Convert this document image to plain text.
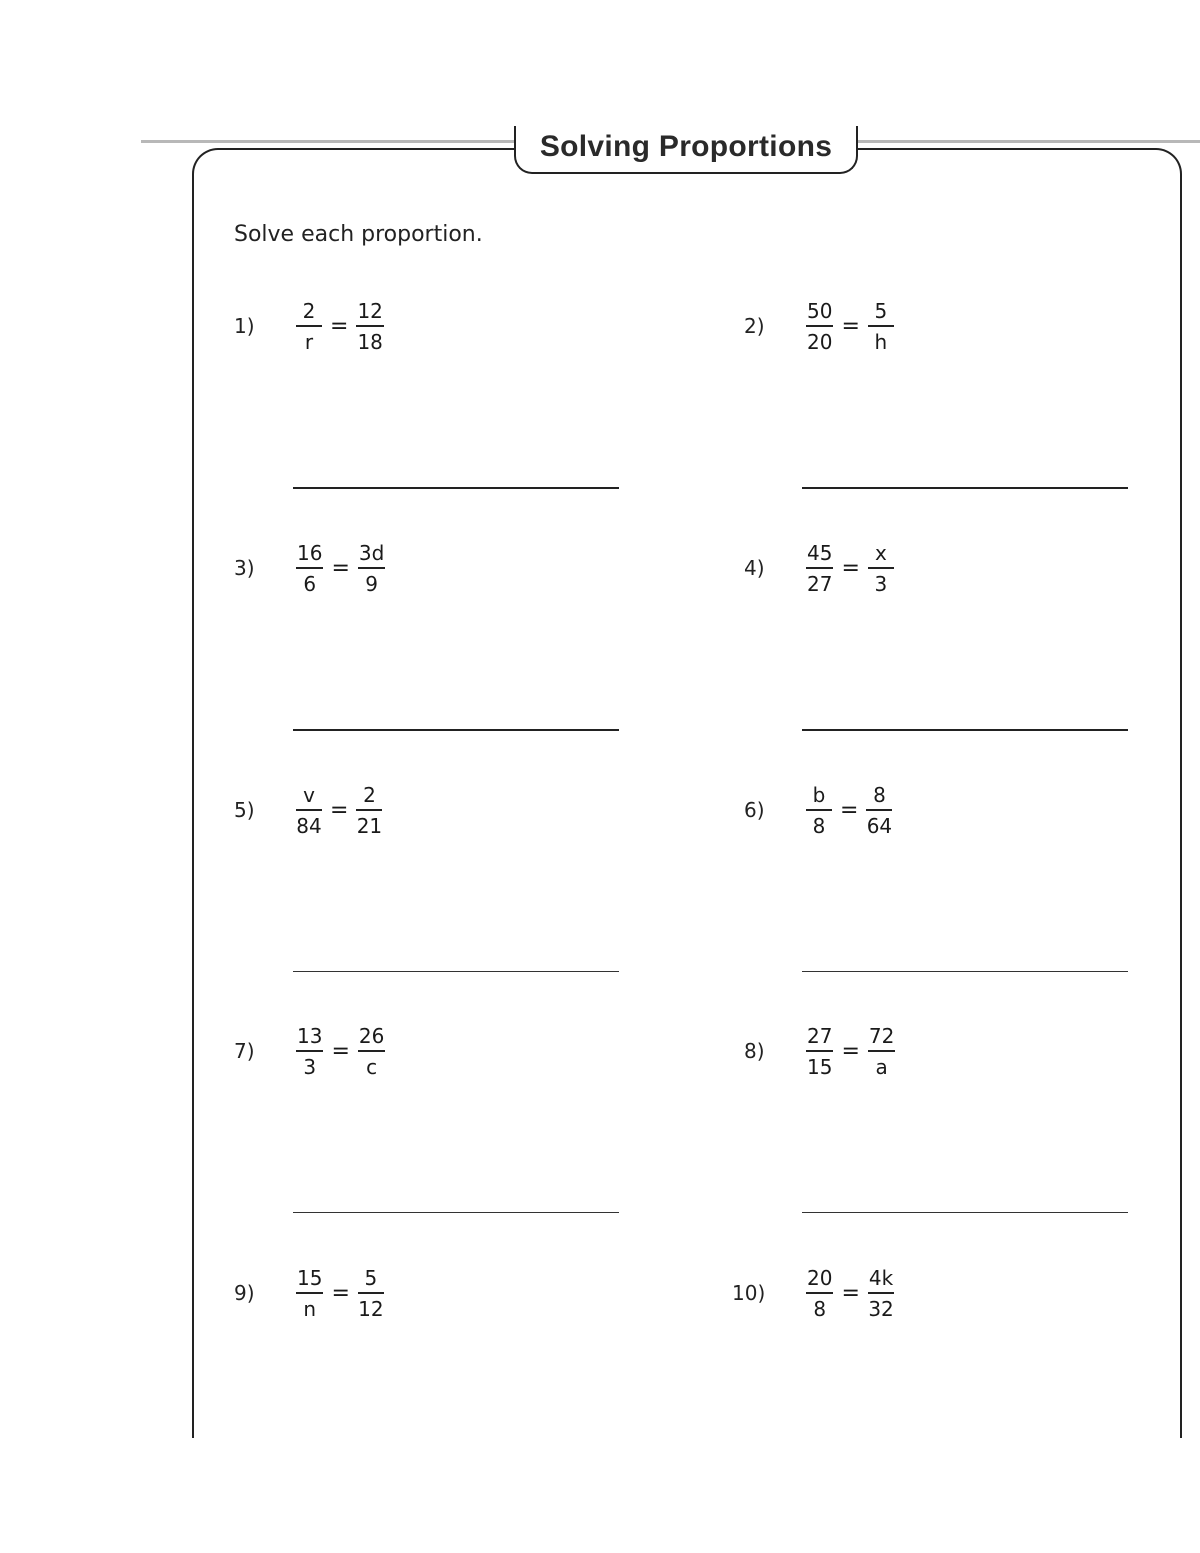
Solving Proportions
Solve each proportion.
1)	$\frac{2}{r} = \frac{12}{18}$	2)	$\frac{50}{20} = \frac{5}{h}$
3)	$\frac{16}{6} = \frac{3d}{9}$	4)	$\frac{45}{27} = \frac{x}{3}$
5)	$\frac{v}{84} = \frac{2}{21}$	6)	$\frac{b}{8} = \frac{8}{64}$
7)	$\frac{13}{3} = \frac{26}{c}$	8)	$\frac{27}{15} = \frac{72}{a}$
9)	$\frac{15}{n} = \frac{5}{12}$	10)	$\frac{20}{8} = \frac{4k}{32}$
